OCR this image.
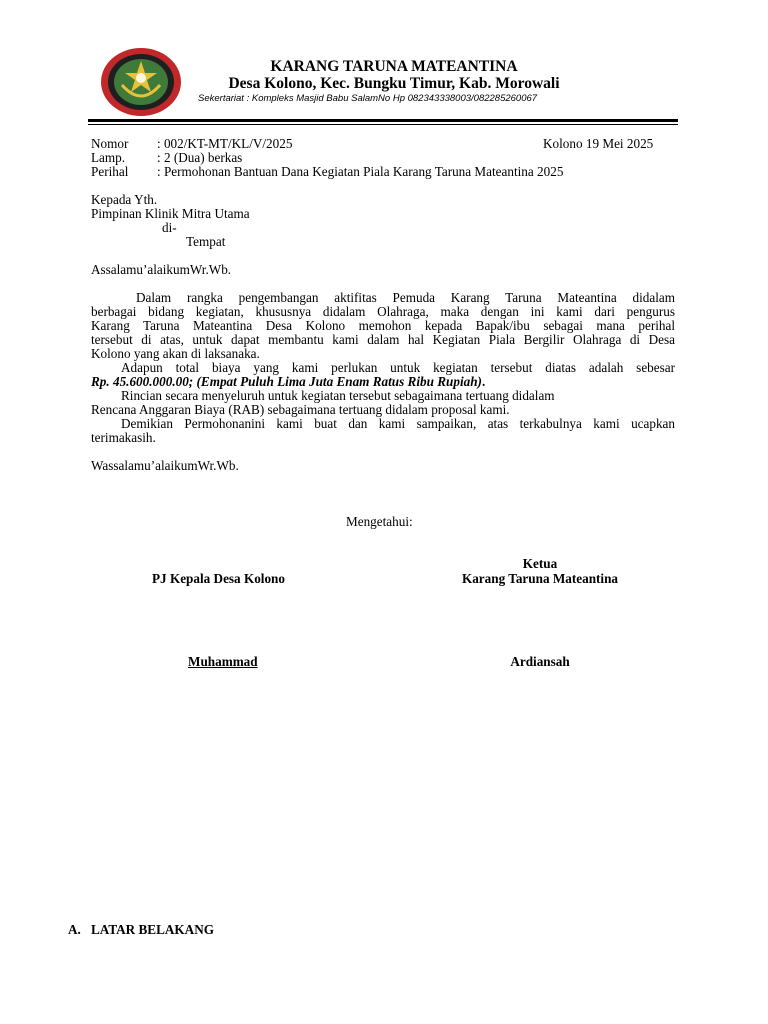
KARANG TARUNA MATEANTINA
Desa Kolono, Kec. Bungku Timur, Kab. Morowali
Sekertariat : Kompleks Masjid Babu SalamNo Hp 082343338003/082285260067
Nomor : 002/KT-MT/KL/V/2025	Kolono 19 Mei 2025
Lamp. : 2 (Dua) berkas
Perihal : Permohonan Bantuan Dana Kegiatan Piala Karang Taruna Mateantina 2025
Kepada Yth.
Pimpinan Klinik Mitra Utama
di-
Tempat
Assalamu’alaikumWr.Wb.
Dalam rangka pengembangan aktifitas Pemuda Karang Taruna Mateantina didalam
berbagai bidang kegiatan, khususnya didalam Olahraga, maka dengan ini kami dari pengurus
Karang Taruna Mateantina Desa Kolono memohon kepada Bapak/ibu sebagai mana perihal
tersebut di atas, untuk dapat membantu kami dalam hal Kegiatan Piala Bergilir Olahraga di Desa
Kolono yang akan di laksanaka.
Adapun total biaya yang kami perlukan untuk kegiatan tersebut diatas adalah sebesar
Rp. 45.600.000.00; (Empat Puluh Lima Juta Enam Ratus Ribu Rupiah).
Rincian secara menyeluruh untuk kegiatan tersebut sebagaimana tertuang didalam
Rencana Anggaran Biaya (RAB) sebagaimana tertuang didalam proposal kami.
Demikian Permohonanini kami buat dan kami sampaikan, atas terkabulnya kami ucapkan
terimakasih.
Wassalamu’alaikumWr.Wb.
Mengetahui:
Ketua
PJ Kepala Desa Kolono	Karang Taruna Mateantina
Muhammad	Ardiansah
A. LATAR BELAKANG
